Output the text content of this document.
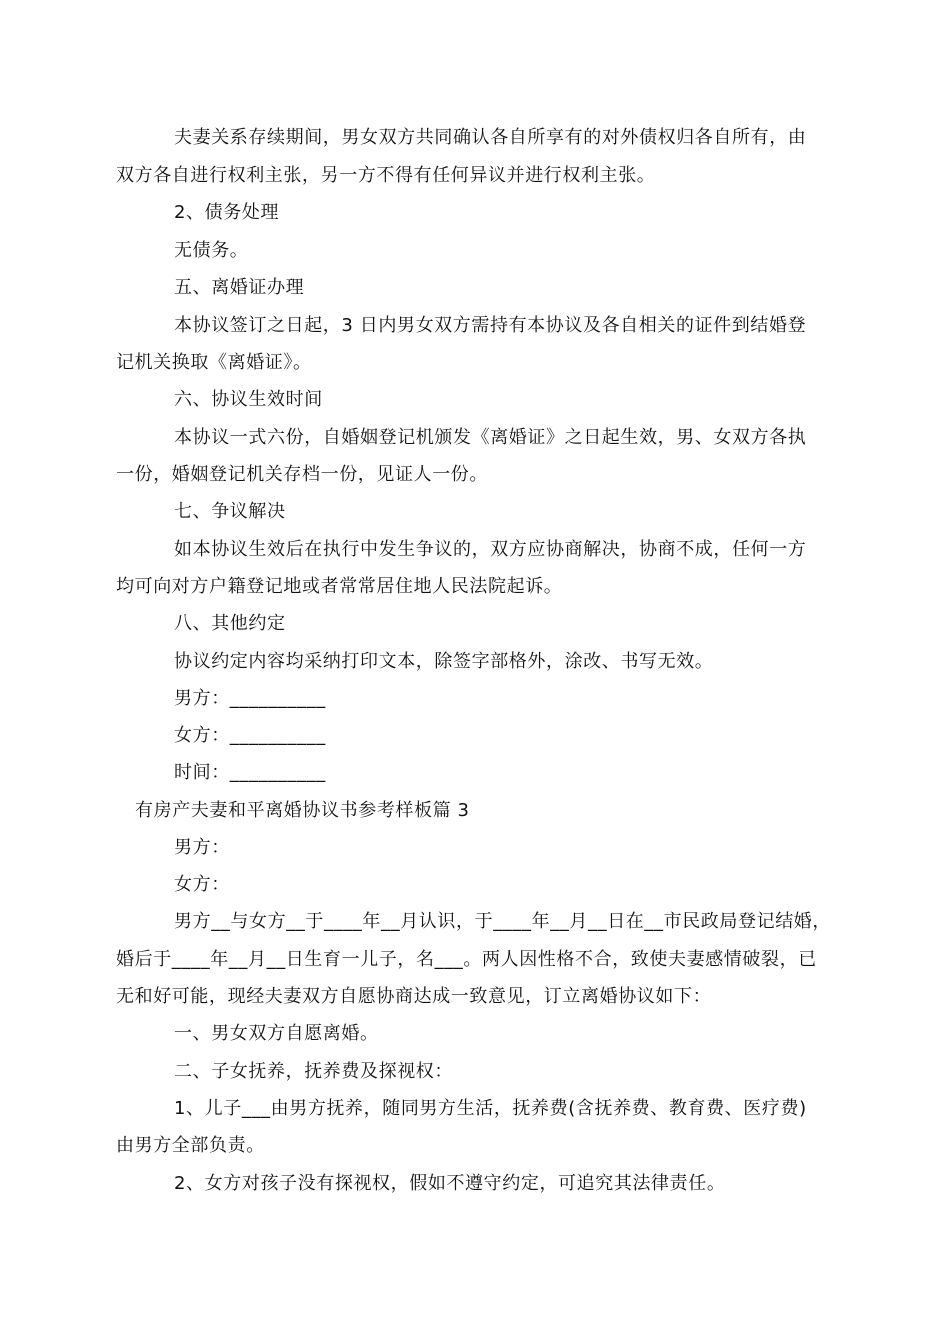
夫妻关系存续期间，男女双方共同确认各自所享有的对外债权归各自所有，由
双方各自进行权利主张，另一方不得有任何异议并进行权利主张。
2、债务处理
无债务。
五、离婚证办理
本协议签订之日起，3 日内男女双方需持有本协议及各自相关的证件到结婚登
记机关换取《离婚证》。
六、协议生效时间
本协议一式六份，自婚姻登记机颁发《离婚证》之日起生效，男、女双方各执
一份，婚姻登记机关存档一份，见证人一份。
七、争议解决
如本协议生效后在执行中发生争议的，双方应协商解决，协商不成，任何一方
均可向对方户籍登记地或者常常居住地人民法院起诉。
八、其他约定
协议约定内容均采纳打印文本，除签字部格外，涂改、书写无效。
男方：__________
女方：__________
时间：__________
有房产夫妻和平离婚协议书参考样板篇 3
男方：
女方：
男方__与女方__于____年__月认识，于____年__月__日在__市民政局登记结婚，
婚后于____年__月__日生育一儿子，名___。两人因性格不合，致使夫妻感情破裂，已
无和好可能，现经夫妻双方自愿协商达成一致意见，订立离婚协议如下：
一、男女双方自愿离婚。
二、子女抚养，抚养费及探视权：
1、儿子___由男方抚养，随同男方生活，抚养费(含抚养费、教育费、医疗费)
由男方全部负责。
2、女方对孩子没有探视权，假如不遵守约定，可追究其法律责任。
